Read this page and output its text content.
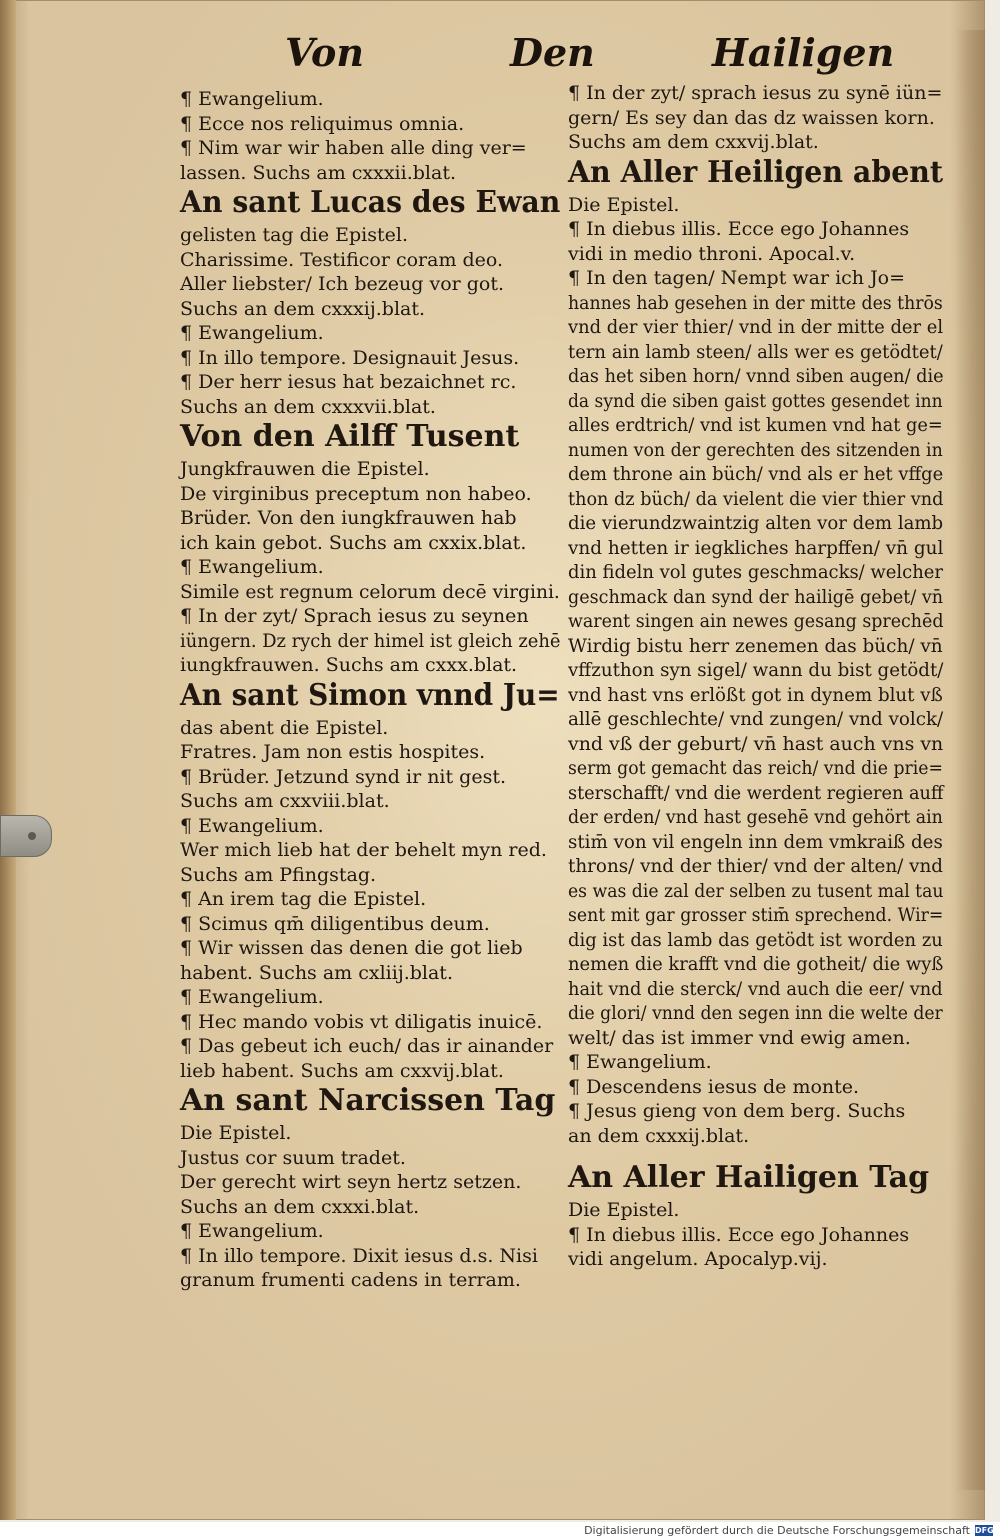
Von	Den	Hailigen
¶ Ewangelium.
¶ Ecce nos reliquimus omnia.
¶ Nim war wir haben alle ding ver=
lassen. Suchs am cxxxii.blat.
An sant Lucas des Ewan
gelisten tag die Epistel.
Charissime. Testificor coram deo.
Aller liebster/ Ich bezeug vor got.
Suchs an dem cxxxij.blat.
¶ Ewangelium.
¶ In illo tempore. Designauit Jesus.
¶ Der herr iesus hat bezaichnet rc.
Suchs an dem cxxxvii.blat.
Von den Ailff Tusent
Jungkfrauwen die Epistel.
De virginibus preceptum non habeo.
Brüder. Von den iungkfrauwen hab
ich kain gebot. Suchs am cxxix.blat.
¶ Ewangelium.
Simile est regnum celorum decē virgini.
¶ In der zyt/ Sprach iesus zu seynen
iüngern. Dz rych der himel ist gleich zehē
iungkfrauwen. Suchs am cxxx.blat.
An sant Simon vnnd Ju=
das abent die Epistel.
Fratres. Jam non estis hospites.
¶ Brüder. Jetzund synd ir nit gest.
Suchs am cxxviii.blat.
¶ Ewangelium.
Wer mich lieb hat der behelt myn red.
Suchs am Pfingstag.
¶ An irem tag die Epistel.
¶ Scimus qm̄ diligentibus deum.
¶ Wir wissen das denen die got lieb
habent. Suchs am cxliij.blat.
¶ Ewangelium.
¶ Hec mando vobis vt diligatis inuicē.
¶ Das gebeut ich euch/ das ir ainander
lieb habent. Suchs am cxxvij.blat.
An sant Narcissen Tag
Die Epistel.
Justus cor suum tradet.
Der gerecht wirt seyn hertz setzen.
Suchs an dem cxxxi.blat.
¶ Ewangelium.
¶ In illo tempore. Dixit iesus d.s. Nisi
granum frumenti cadens in terram.
¶ In der zyt/ sprach iesus zu synē iün=
gern/ Es sey dan das dz waissen korn.
Suchs am dem cxxvij.blat.
An Aller Heiligen abent
Die Epistel.
¶ In diebus illis. Ecce ego Johannes
vidi in medio throni. Apocal.v.
¶ In den tagen/ Nempt war ich Jo=
hannes hab gesehen in der mitte des thrōs
vnd der vier thier/ vnd in der mitte der el
tern ain lamb steen/ alls wer es getödtet/
das het siben horn/ vnnd siben augen/ die
da synd die siben gaist gottes gesendet inn
alles erdtrich/ vnd ist kumen vnd hat ge=
numen von der gerechten des sitzenden in
dem throne ain büch/ vnd als er het vffge
thon dz büch/ da vielent die vier thier vnd
die vierundzwaintzig alten vor dem lamb
vnd hetten ir iegkliches harpffen/ vn̄ gul
din fideln vol gutes geschmacks/ welcher
geschmack dan synd der hailigē gebet/ vn̄
warent singen ain newes gesang sprechēd
Wirdig bistu herr zenemen das büch/ vn̄
vffzuthon syn sigel/ wann du bist getödt/
vnd hast vns erlößt got in dynem blut vß
allē geschlechte/ vnd zungen/ vnd volck/
vnd vß der geburt/ vn̄ hast auch vns vn
serm got gemacht das reich/ vnd die prie=
sterschafft/ vnd die werdent regieren auff
der erden/ vnd hast gesehē vnd gehört ain
stim̄ von vil engeln inn dem vmkraiß des
throns/ vnd der thier/ vnd der alten/ vnd
es was die zal der selben zu tusent mal tau
sent mit gar grosser stim̄ sprechend. Wir=
dig ist das lamb das getödt ist worden zu
nemen die krafft vnd die gotheit/ die wyß
hait vnd die sterck/ vnd auch die eer/ vnd
die glori/ vnnd den segen inn die welte der
welt/ das ist immer vnd ewig amen.
¶ Ewangelium.
¶ Descendens iesus de monte.
¶ Jesus gieng von dem berg. Suchs
an dem cxxxij.blat.
An Aller Hailigen Tag
Die Epistel.
¶ In diebus illis. Ecce ego Johannes
vidi angelum. Apocalyp.vij.
Digitalisierung gefördert durch die Deutsche Forschungsgemeinschaft DFG
